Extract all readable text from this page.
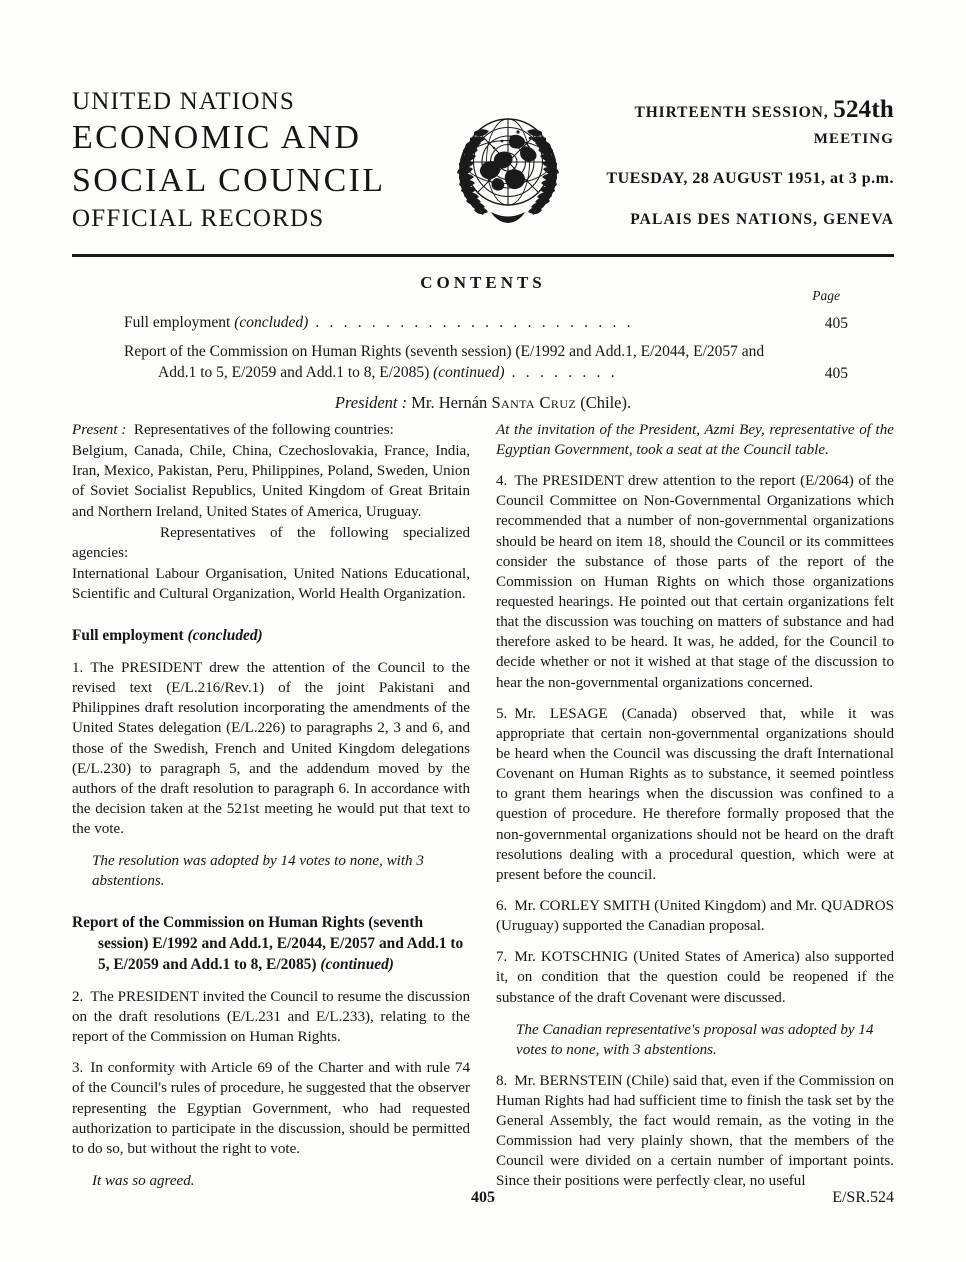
UNITED NATIONS
ECONOMIC AND
SOCIAL COUNCIL
OFFICIAL RECORDS
THIRTEENTH SESSION, 524th
MEETING
TUESDAY, 28 AUGUST 1951, at 3 p.m.
PALAIS DES NATIONS, GENEVA
CONTENTS
Page
Full employment (concluded) . . . . . . . . . . . . . . . . . . . . . . .	405
Report of the Commission on Human Rights (seventh session) (E/1992 and Add.1, E/2044, E/2057 and Add.1 to 5, E/2059 and Add.1 to 8, E/2085) (continued) . . . . . . . .	405
President : Mr. Hernán Santa Cruz (Chile).

Present : Representatives of the following countries:

Belgium, Canada, Chile, China, Czechoslovakia, France, India, Iran, Mexico, Pakistan, Peru, Philippines, Poland, Sweden, Union of Soviet Socialist Republics, United Kingdom of Great Britain and Northern Ireland, United States of America, Uruguay.

Representatives of the following specialized agencies:

International Labour Organisation, United Nations Educational, Scientific and Cultural Organization, World Health Organization.

Full employment (concluded)

1. The PRESIDENT drew the attention of the Council to the revised text (E/L.216/Rev.1) of the joint Pakistani and Philippines draft resolution incorporating the amendments of the United States delegation (E/L.226) to paragraphs 2, 3 and 6, and those of the Swedish, French and United Kingdom delegations (E/L.230) to paragraph 5, and the addendum moved by the authors of the draft resolution to paragraph 6. In accordance with the decision taken at the 521st meeting he would put that text to the vote.

The resolution was adopted by 14 votes to none, with 3 abstentions.

Report of the Commission on Human Rights (seventh session) E/1992 and Add.1, E/2044, E/2057 and Add.1 to 5, E/2059 and Add.1 to 8, E/2085) (continued)

2. The PRESIDENT invited the Council to resume the discussion on the draft resolutions (E/L.231 and E/L.233), relating to the report of the Commission on Human Rights.

3. In conformity with Article 69 of the Charter and with rule 74 of the Council's rules of procedure, he suggested that the observer representing the Egyptian Government, who had requested authorization to participate in the discussion, should be permitted to do so, but without the right to vote.

It was so agreed.

At the invitation of the President, Azmi Bey, representative of the Egyptian Government, took a seat at the Council table.

4. The PRESIDENT drew attention to the report (E/2064) of the Council Committee on Non-Governmental Organizations which recommended that a number of non-governmental organizations should be heard on item 18, should the Council or its committees consider the substance of those parts of the report of the Commission on Human Rights on which those organizations requested hearings. He pointed out that certain organizations felt that the discussion was touching on matters of substance and had therefore asked to be heard. It was, he added, for the Council to decide whether or not it wished at that stage of the discussion to hear the non-governmental organizations concerned.

5. Mr. LESAGE (Canada) observed that, while it was appropriate that certain non-governmental organizations should be heard when the Council was discussing the draft International Covenant on Human Rights as to substance, it seemed pointless to grant them hearings when the discussion was confined to a question of procedure. He therefore formally proposed that the non-governmental organizations should not be heard on the draft resolutions dealing with a procedural question, which were at present before the council.

6. Mr. CORLEY SMITH (United Kingdom) and Mr. QUADROS (Uruguay) supported the Canadian proposal.

7. Mr. KOTSCHNIG (United States of America) also supported it, on condition that the question could be reopened if the substance of the draft Covenant were discussed.

The Canadian representative's proposal was adopted by 14 votes to none, with 3 abstentions.

8. Mr. BERNSTEIN (Chile) said that, even if the Commission on Human Rights had had sufficient time to finish the task set by the General Assembly, the fact would remain, as the voting in the Commission had very plainly shown, that the members of the Council were divided on a certain number of important points. Since their positions were perfectly clear, no useful

405	E/SR.524
